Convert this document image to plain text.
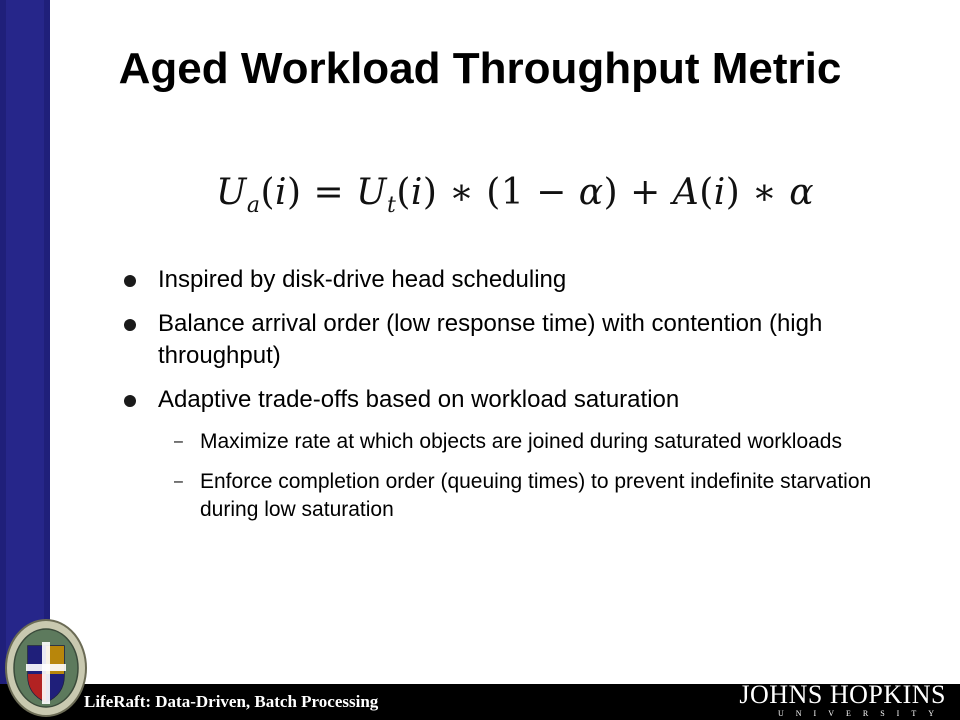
Aged Workload Throughput Metric
$U_a(i) = U_t(i)$ ∗ (1 − α) + A(i) ∗ α
Inspired by disk-drive head scheduling
Balance arrival order (low response time) with contention (high throughput)
Adaptive trade-offs based on workload saturation
– Maximize rate at which objects are joined during saturated workloads
– Enforce completion order (queuing times) to prevent indefinite starvation during low saturation
LifeRaft: Data-Driven, Batch Processing	JOHNS HOPKINS
UNIVERSITY
